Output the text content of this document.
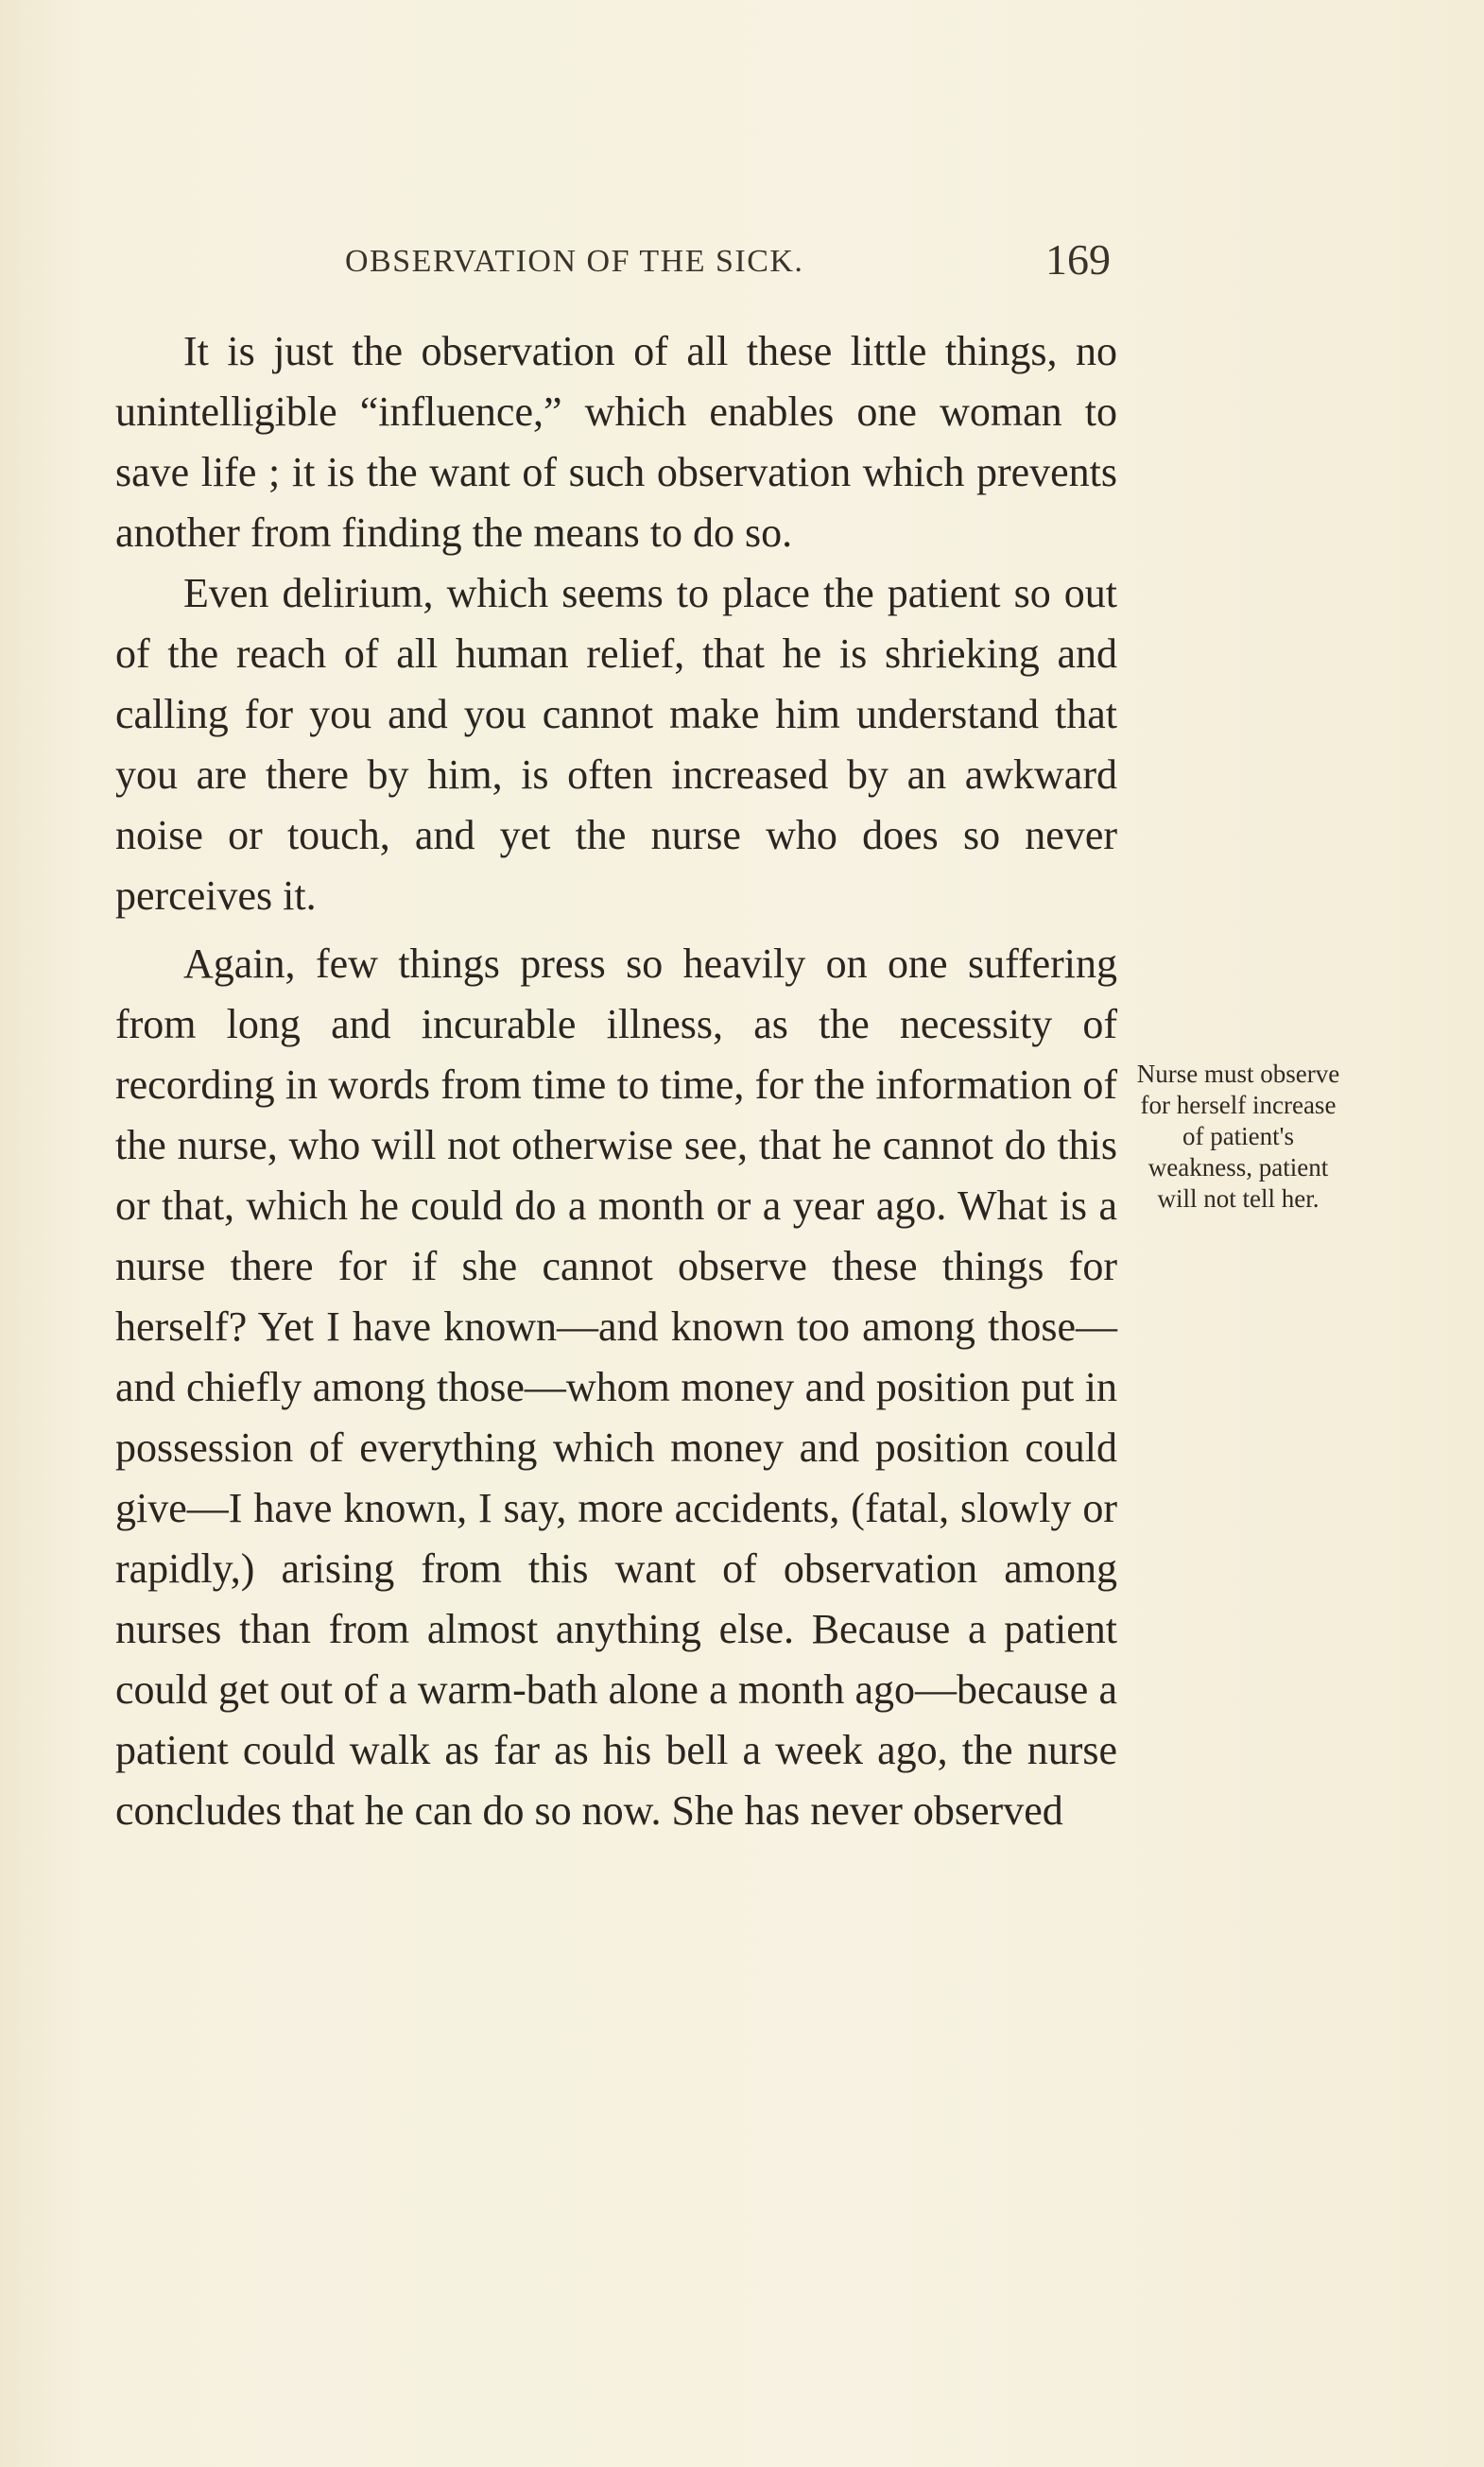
OBSERVATION OF THE SICK.	169

It is just the observation of all these little things, no unintelligible “influence,” which enables one woman to save life ; it is the want of such observation which prevents another from finding the means to do so.

Even delirium, which seems to place the patient so out of the reach of all human relief, that he is shrieking and calling for you and you cannot make him understand that you are there by him, is often increased by an awkward noise or touch, and yet the nurse who does so never perceives it.

Again, few things press so heavily on one suffering from long and incurable illness, as the necessity of recording in words from time to time, for the information of the nurse, who will not otherwise see, that he cannot do this or that, which he could do a month or a year ago. What is a nurse there for if she cannot observe these things for herself? Yet I have known—and known too among those—and chiefly among those—whom money and position put in possession of everything which money and position could give—I have known, I say, more accidents, (fatal, slowly or rapidly,) arising from this want of observation among nurses than from almost anything else. Because a patient could get out of a warm-bath alone a month ago—because a patient could walk as far as his bell a week ago, the nurse concludes that he can do so now. She has never observed

Nurse must observe for herself increase of patient's weakness, patient will not tell her.
